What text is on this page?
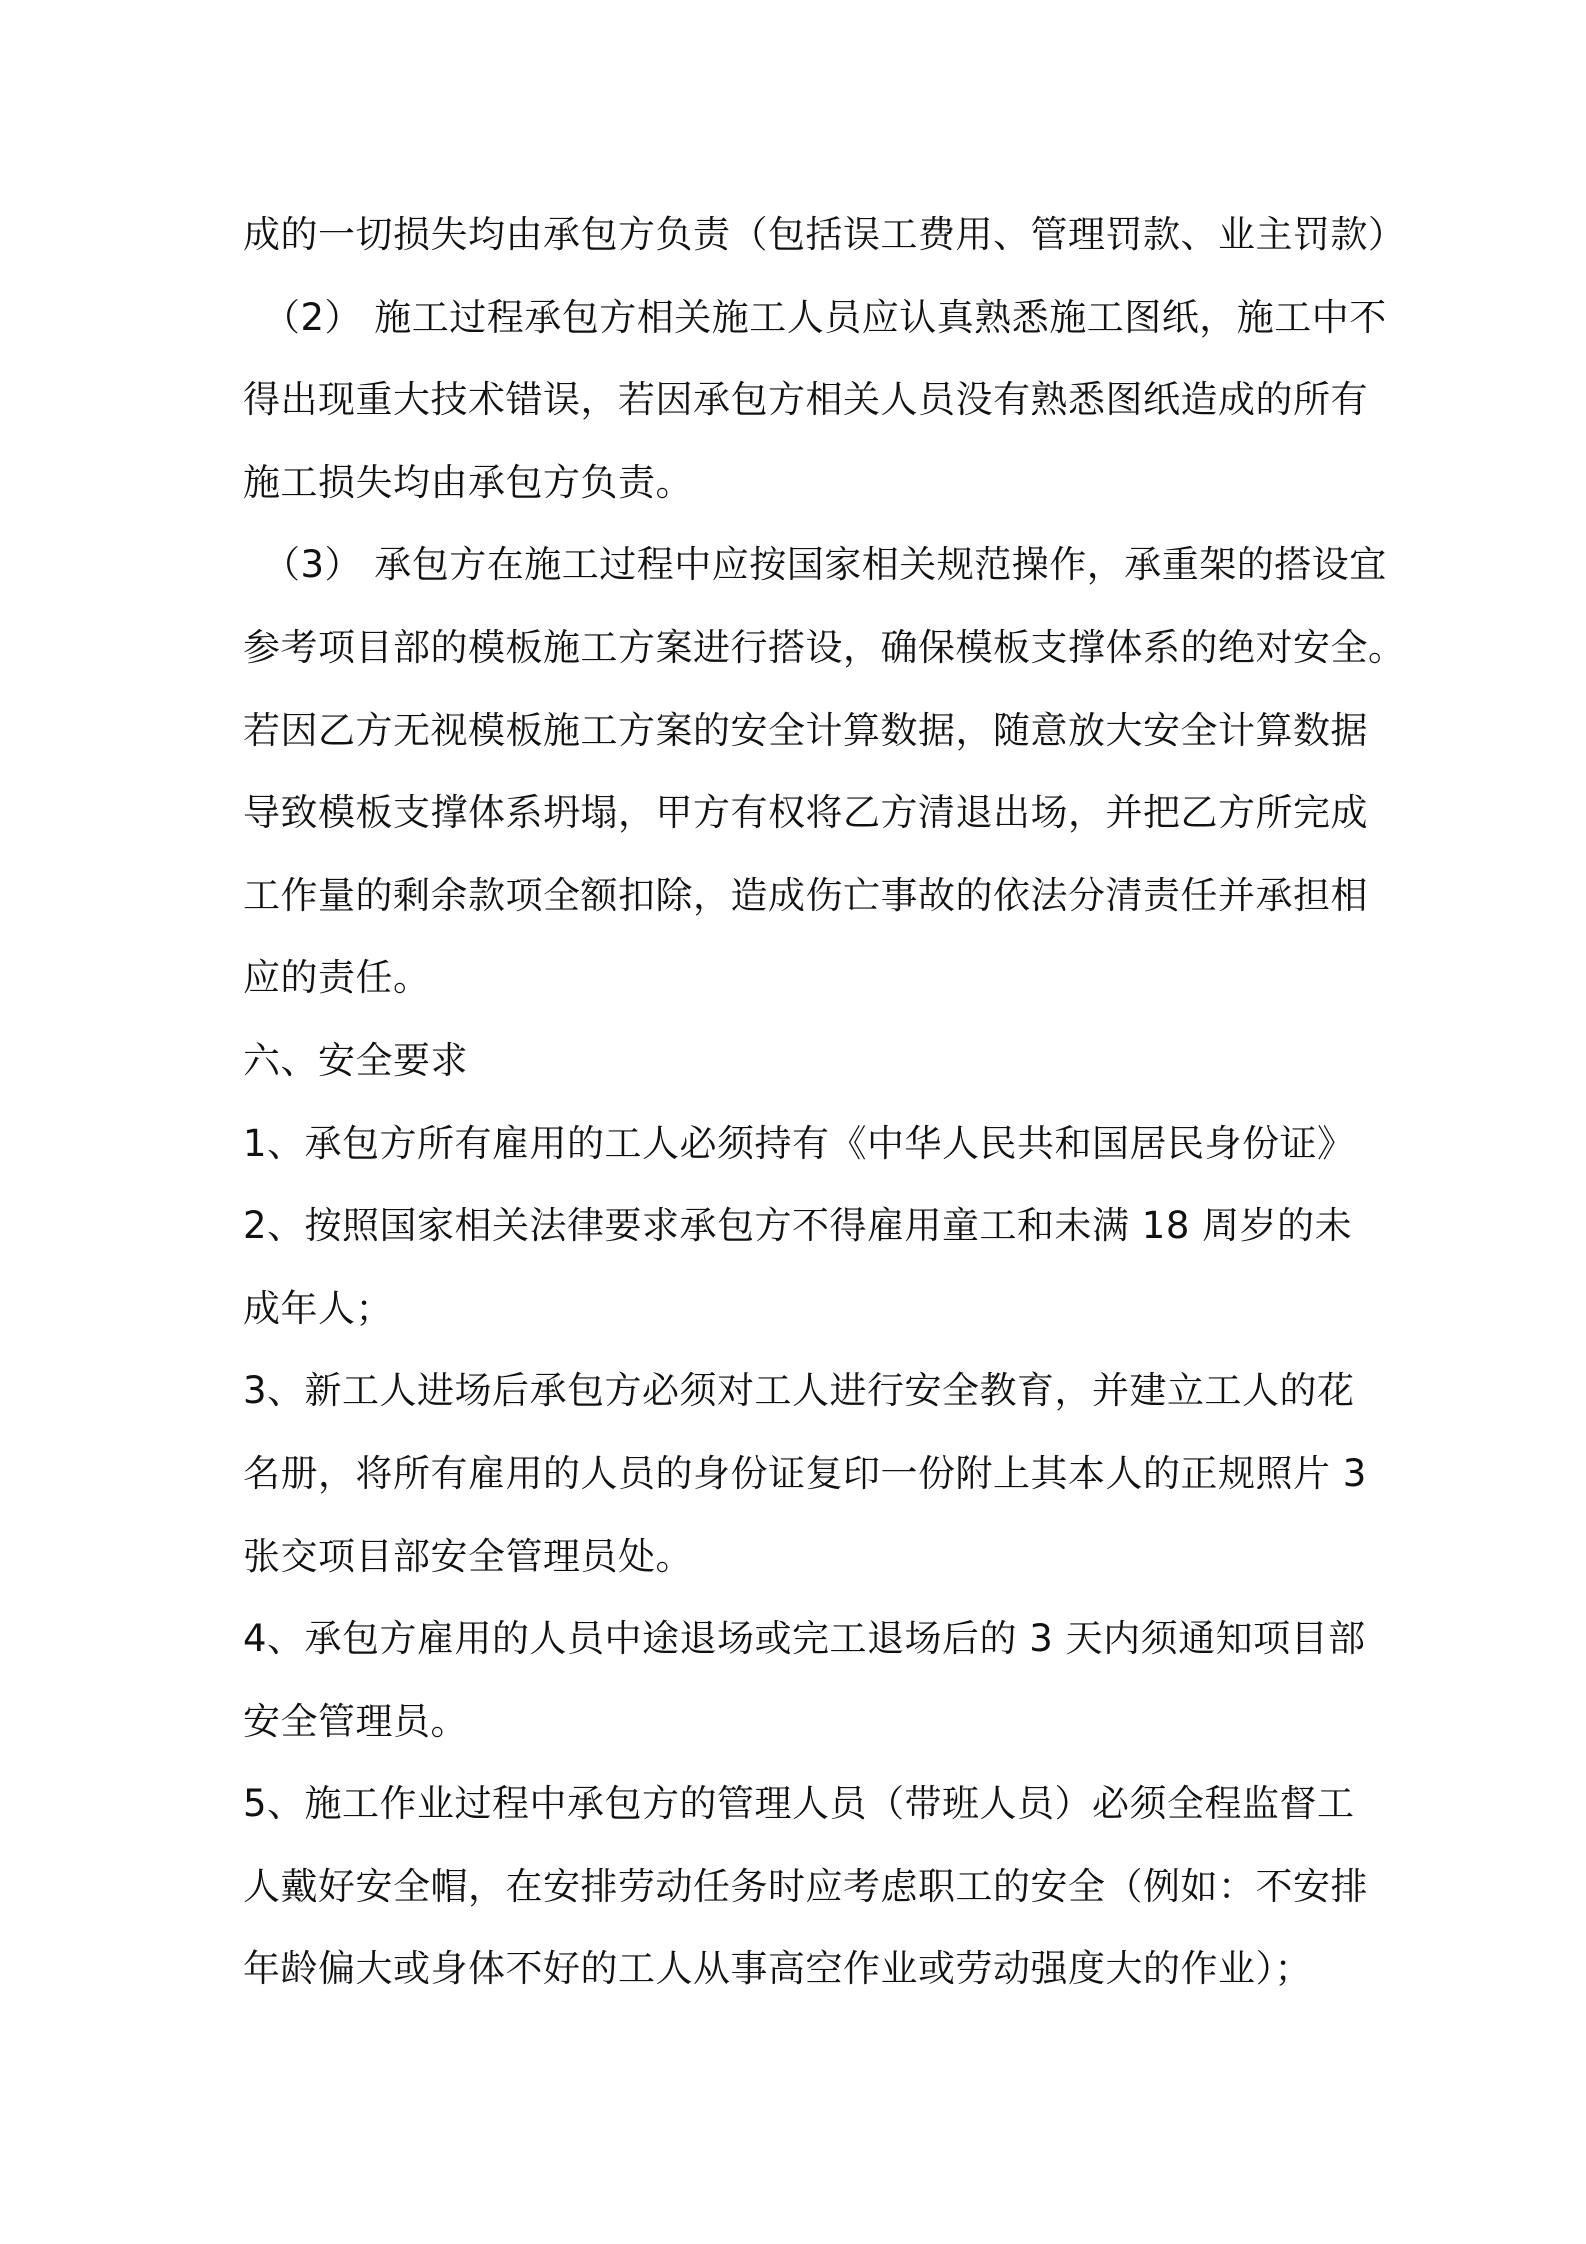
成的一切损失均由承包方负责（包括误工费用、管理罚款、业主罚款）
（2） 施工过程承包方相关施工人员应认真熟悉施工图纸，施工中不
得出现重大技术错误，若因承包方相关人员没有熟悉图纸造成的所有
施工损失均由承包方负责。
（3） 承包方在施工过程中应按国家相关规范操作，承重架的搭设宜
参考项目部的模板施工方案进行搭设，确保模板支撑体系的绝对安全。
若因乙方无视模板施工方案的安全计算数据，随意放大安全计算数据
导致模板支撑体系坍塌，甲方有权将乙方清退出场，并把乙方所完成
工作量的剩余款项全额扣除，造成伤亡事故的依法分清责任并承担相
应的责任。
六、安全要求
1、承包方所有雇用的工人必须持有《中华人民共和国居民身份证》
2、按照国家相关法律要求承包方不得雇用童工和未满 18 周岁的未
成年人；
3、新工人进场后承包方必须对工人进行安全教育，并建立工人的花
名册，将所有雇用的人员的身份证复印一份附上其本人的正规照片 3
张交项目部安全管理员处。
4、承包方雇用的人员中途退场或完工退场后的 3 天内须通知项目部
安全管理员。
5、施工作业过程中承包方的管理人员（带班人员）必须全程监督工
人戴好安全帽，在安排劳动任务时应考虑职工的安全（例如：不安排
年龄偏大或身体不好的工人从事高空作业或劳动强度大的作业）；
